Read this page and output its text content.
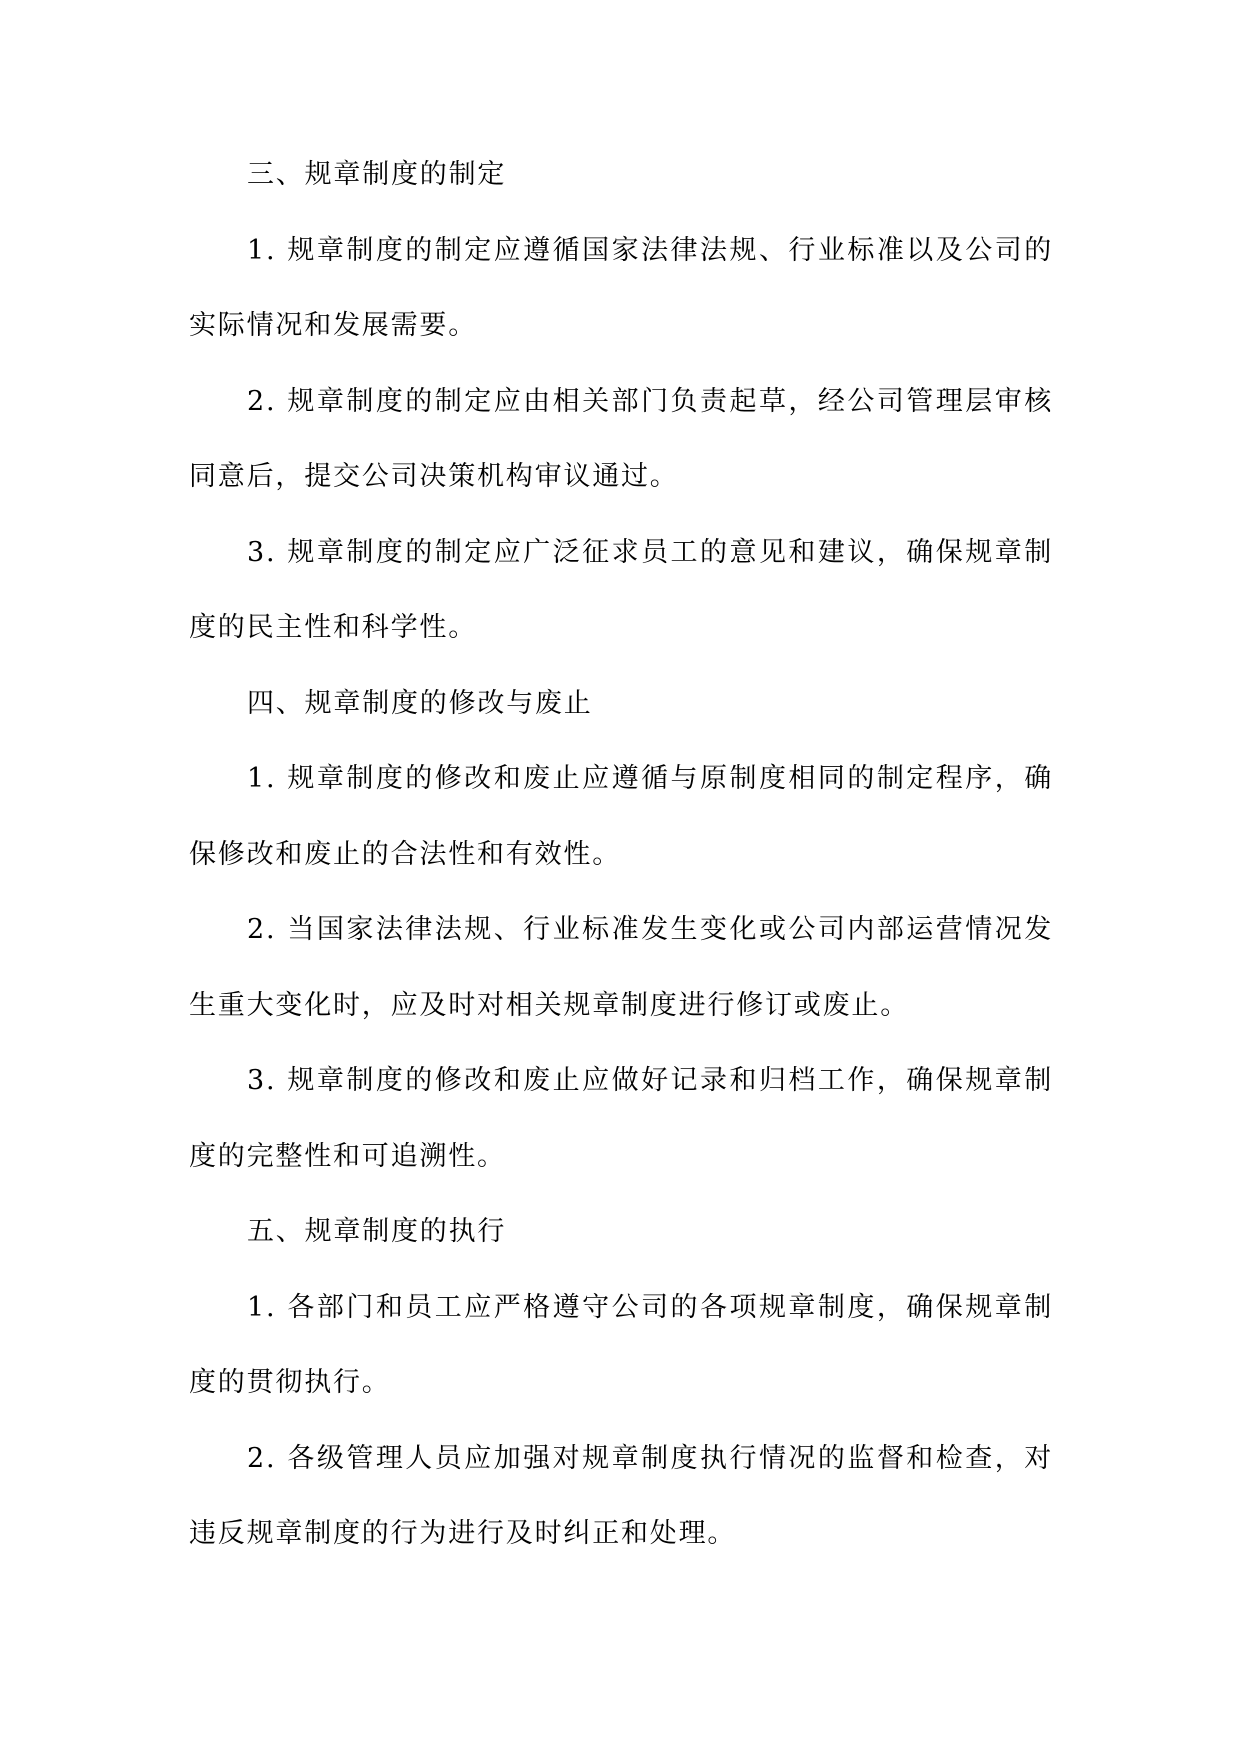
三、规章制度的制定

1. 规章制度的制定应遵循国家法律法规、行业标准以及公司的实际情况和发展需要。

2. 规章制度的制定应由相关部门负责起草，经公司管理层审核同意后，提交公司决策机构审议通过。

3. 规章制度的制定应广泛征求员工的意见和建议，确保规章制度的民主性和科学性。

四、规章制度的修改与废止

1. 规章制度的修改和废止应遵循与原制度相同的制定程序，确保修改和废止的合法性和有效性。

2. 当国家法律法规、行业标准发生变化或公司内部运营情况发生重大变化时，应及时对相关规章制度进行修订或废止。

3. 规章制度的修改和废止应做好记录和归档工作，确保规章制度的完整性和可追溯性。

五、规章制度的执行

1. 各部门和员工应严格遵守公司的各项规章制度，确保规章制度的贯彻执行。

2. 各级管理人员应加强对规章制度执行情况的监督和检查，对违反规章制度的行为进行及时纠正和处理。
